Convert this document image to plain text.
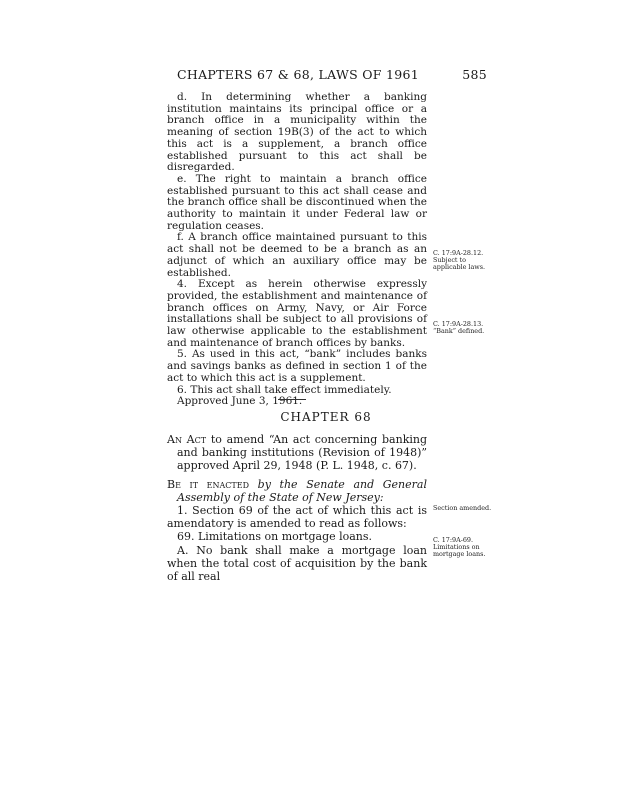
CHAPTERS 67 & 68, LAWS OF 1961	585

d. In determining whether a banking institution maintains its principal office or a branch office in a municipality within the meaning of section 19B(3) of the act to which this act is a supplement, a branch office established pursuant to this act shall be disregarded.

e. The right to maintain a branch office established pursuant to this act shall cease and the branch office shall be discontinued when the authority to maintain it under Federal law or regulation ceases.

f. A branch office maintained pursuant to this act shall not be deemed to be a branch as an adjunct of which an auxiliary office may be established.

4. Except as herein otherwise expressly provided, the establishment and maintenance of branch offices on Army, Navy, or Air Force installations shall be subject to all provisions of law otherwise applicable to the establishment and maintenance of branch offices by banks.

5. As used in this act, “bank” includes banks and savings banks as defined in section 1 of the act to which this act is a supplement.

6. This act shall take effect immediately.

Approved June 3, 1961.

CHAPTER 68

An Act to amend “An act concerning banking and banking institutions (Revision of 1948)” approved April 29, 1948 (P. L. 1948, c. 67).

Be it enacted by the Senate and General Assembly of the State of New Jersey:

1. Section 69 of the act of which this act is amendatory is amended to read as follows:

69. Limitations on mortgage loans.

A. No bank shall make a mortgage loan when the total cost of acquisition by the bank of all real

C. 17:9A-28.12.
Subject to applicable laws.
C. 17:9A-28.13.
“Bank” defined.
Section amended.
C. 17:9A-69.
Limitations on mortgage loans.
